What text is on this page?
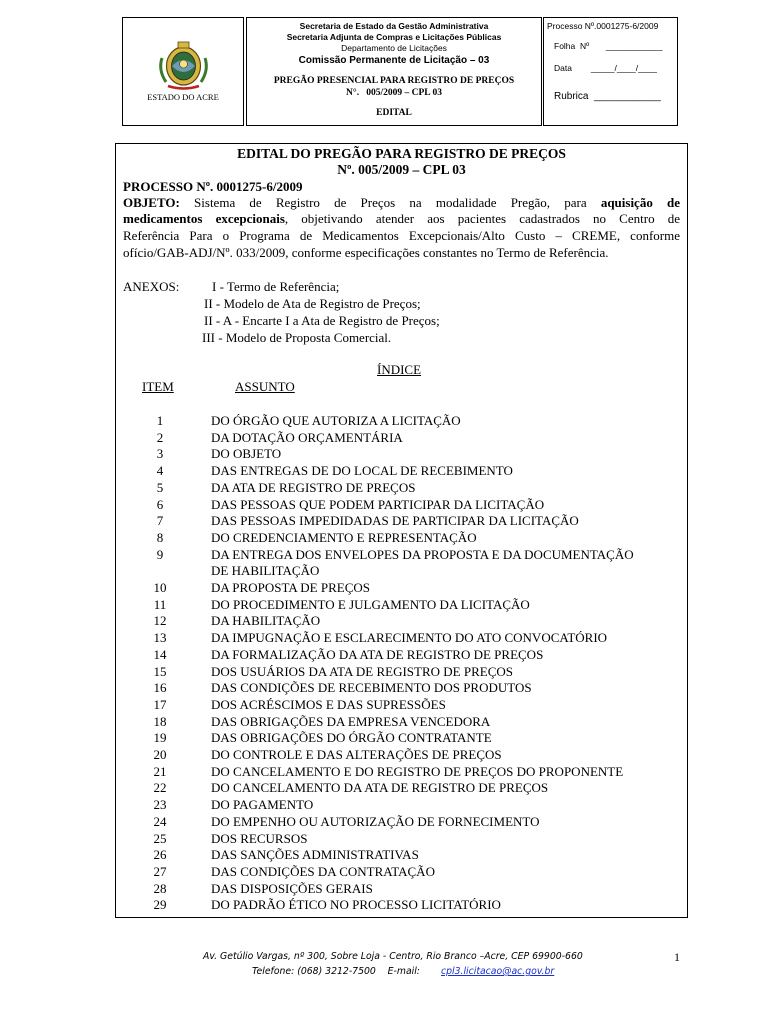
ESTADO DO ACRE
Secretaria de Estado da Gestão Administrativa
Secretaria Adjunta de Compras e Licitações Públicas
Departamento de Licitações
Comissão Permanente de Licitação – 03
PREGÃO PRESENCIAL PARA REGISTRO DE PREÇOS
N°.   005/2009 – CPL 03
EDITAL
Processo Nº.0001275-6/2009
Folha  Nº       ____________
Data        _____/____/____
Rubrica  ____________
EDITAL DO PREGÃO PARA REGISTRO DE PREÇOS
Nº. 005/2009 – CPL 03
PROCESSO Nº. 0001275-6/2009
OBJETO: Sistema de Registro de Preços na modalidade Pregão, para aquisição de
medicamentos excepcionais, objetivando atender aos pacientes cadastrados no Centro de
Referência Para o Programa de Medicamentos Excepcionais/Alto Custo – CREME, conforme
ofício/GAB-ADJ/Nº. 033/2009, conforme especificações constantes no Termo de Referência.
ANEXOS:	I - Termo de Referência;
II - Modelo de Ata de Registro de Preços;
II - A - Encarte I a Ata de Registro de Preços;
III - Modelo de Proposta Comercial.
ÍNDICE
ITEM	ASSUNTO
1	DO ÓRGÃO QUE AUTORIZA A LICITAÇÃO
2	DA DOTAÇÃO ORÇAMENTÁRIA
3	DO OBJETO
4	DAS ENTREGAS DE DO LOCAL DE RECEBIMENTO
5	DA ATA DE REGISTRO DE PREÇOS
6	DAS PESSOAS QUE PODEM PARTICIPAR DA LICITAÇÃO
7	DAS PESSOAS IMPEDIDADAS DE PARTICIPAR DA LICITAÇÃO
8	DO CREDENCIAMENTO E REPRESENTAÇÃO
9	DA ENTREGA DOS ENVELOPES DA PROPOSTA E DA DOCUMENTAÇÃO
DE HABILITAÇÃO
10	DA PROPOSTA DE PREÇOS
11	DO PROCEDIMENTO E JULGAMENTO DA LICITAÇÃO
12	DA HABILITAÇÃO
13	DA IMPUGNAÇÃO E ESCLARECIMENTO DO ATO CONVOCATÓRIO
14	DA FORMALIZAÇÃO DA ATA DE REGISTRO DE PREÇOS
15	DOS USUÁRIOS DA ATA DE REGISTRO DE PREÇOS
16	DAS CONDIÇÕES DE RECEBIMENTO DOS PRODUTOS
17	DOS ACRÉSCIMOS E DAS SUPRESSÕES
18	DAS OBRIGAÇÕES DA EMPRESA VENCEDORA
19	DAS OBRIGAÇÕES DO ÓRGÃO CONTRATANTE
20	DO CONTROLE E DAS ALTERAÇÕES DE PREÇOS
21	DO CANCELAMENTO E DO REGISTRO DE PREÇOS DO PROPONENTE
22	DO CANCELAMENTO DA ATA DE REGISTRO DE PREÇOS
23	DO PAGAMENTO
24	DO EMPENHO OU AUTORIZAÇÃO DE FORNECIMENTO
25	DOS RECURSOS
26	DAS SANÇÕES ADMINISTRATIVAS
27	DAS CONDIÇÕES DA CONTRATAÇÃO
28	DAS DISPOSIÇÕES GERAIS
29	DO PADRÃO ÉTICO NO PROCESSO LICITATÓRIO
Av. Getúlio Vargas, nº 300, Sobre Loja - Centro, Rio Branco –Acre, CEP 69900-660
Telefone: (068) 3212-7500    E-mail: cpl3.licitacao@ac.gov.br
1
